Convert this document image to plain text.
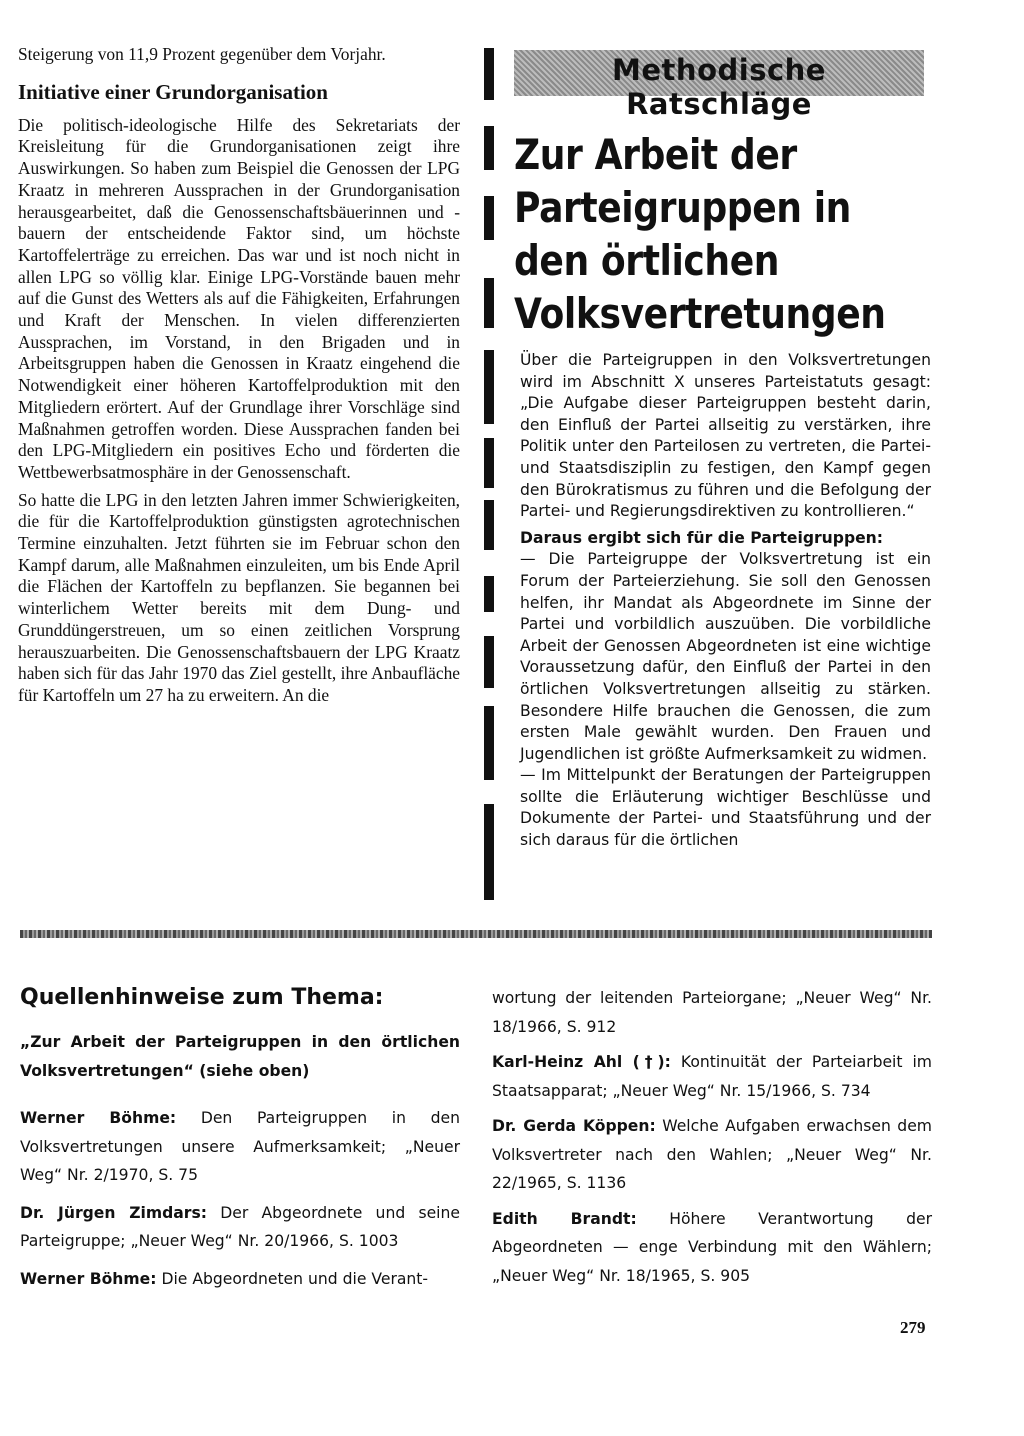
Steigerung von 11,9 Prozent gegenüber dem Vorjahr.

Initiative einer Grundorganisation

Die politisch-ideologische Hilfe des Sekretariats der Kreisleitung für die Grundorganisationen zeigt ihre Auswirkungen. So haben zum Beispiel die Genossen der LPG Kraatz in mehreren Aussprachen in der Grundorganisation herausgearbeitet, daß die Genossenschaftsbäuerinnen und -bauern der entscheidende Faktor sind, um höchste Kartoffelerträge zu erreichen. Das war und ist noch nicht in allen LPG so völlig klar. Einige LPG-Vorstände bauen mehr auf die Gunst des Wetters als auf die Fähigkeiten, Erfahrungen und Kraft der Menschen. In vielen differenzierten Aussprachen, im Vorstand, in den Brigaden und in Arbeitsgruppen haben die Genossen in Kraatz eingehend die Notwendigkeit einer höheren Kartoffelproduktion mit den Mitgliedern erörtert. Auf der Grundlage ihrer Vorschläge sind Maßnahmen getroffen worden. Diese Aussprachen fanden bei den LPG-Mitgliedern ein positives Echo und förderten die Wettbewerbsatmosphäre in der Genossenschaft.

So hatte die LPG in den letzten Jahren immer Schwierigkeiten, die für die Kartoffelproduktion günstigsten agrotechnischen Termine einzuhalten. Jetzt führten sie im Februar schon den Kampf darum, alle Maßnahmen einzuleiten, um bis Ende April die Flächen der Kartoffeln zu bepflanzen. Sie begannen bei winterlichem Wetter bereits mit dem Dung- und Grunddüngerstreuen, um so einen zeitlichen Vorsprung herauszuarbeiten. Die Genossenschaftsbauern der LPG Kraatz haben sich für das Jahr 1970 das Ziel gestellt, ihre Anbaufläche für Kartoffeln um 27 ha zu erweitern. An die

Methodische Ratschläge
Zur Arbeit der Parteigruppen in den örtlichen Volksvertretungen

Über die Parteigruppen in den Volksvertretungen wird im Abschnitt X unseres Parteistatuts gesagt: „Die Aufgabe dieser Parteigruppen besteht darin, den Einfluß der Partei allseitig zu verstärken, ihre Politik unter den Parteilosen zu vertreten, die Partei- und Staatsdisziplin zu festigen, den Kampf gegen den Bürokratismus zu führen und die Befolgung der Partei- und Regierungsdirektiven zu kontrollieren.“

Daraus ergibt sich für die Parteigruppen:

— Die Parteigruppe der Volksvertretung ist ein Forum der Parteierziehung. Sie soll den Genossen helfen, ihr Mandat als Abgeordnete im Sinne der Partei und vorbildlich auszuüben. Die vorbildliche Arbeit der Genossen Abgeordneten ist eine wichtige Voraussetzung dafür, den Einfluß der Partei in den örtlichen Volksvertretungen allseitig zu stärken. Besondere Hilfe brauchen die Genossen, die zum ersten Male gewählt wurden. Den Frauen und Jugendlichen ist größte Aufmerksamkeit zu widmen.

— Im Mittelpunkt der Beratungen der Parteigruppen sollte die Erläuterung wichtiger Beschlüsse und Dokumente der Partei- und Staatsführung und der sich daraus für die örtlichen

Quellenhinweise zum Thema:

„Zur Arbeit der Parteigruppen in den örtlichen Volksvertretungen“ (siehe oben)

Werner Böhme: Den Parteigruppen in den Volksvertretungen unsere Aufmerksamkeit; „Neuer Weg“ Nr. 2/1970, S. 75

Dr. Jürgen Zimdars: Der Abgeordnete und seine Parteigruppe; „Neuer Weg“ Nr. 20/1966, S. 1003

Werner Böhme: Die Abgeordneten und die Verant-

wortung der leitenden Parteiorgane; „Neuer Weg“ Nr. 18/1966, S. 912

Karl-Heinz Ahl (†): Kontinuität der Parteiarbeit im Staatsapparat; „Neuer Weg“ Nr. 15/1966, S. 734

Dr. Gerda Köppen: Welche Aufgaben erwachsen dem Volksvertreter nach den Wahlen; „Neuer Weg“ Nr. 22/1965, S. 1136

Edith Brandt: Höhere Verantwortung der Abgeordneten — enge Verbindung mit den Wählern; „Neuer Weg“ Nr. 18/1965, S. 905

279
